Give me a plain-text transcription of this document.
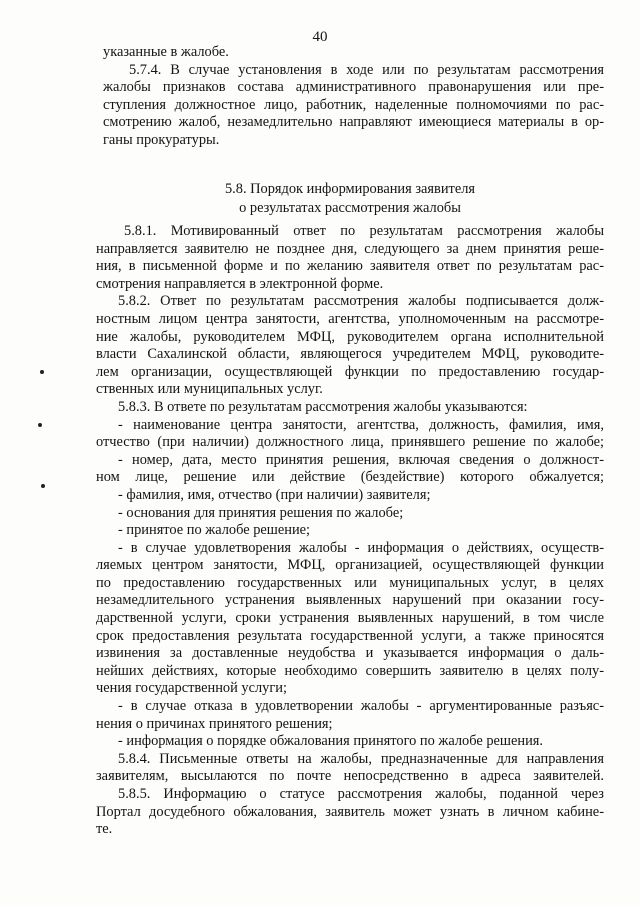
40
указанные в жалобе.
5.7.4. В случае установления в ходе или по результатам рассмотрения
жалобы признаков состава административного правонарушения или пре-
ступления должностное лицо, работник, наделенные полномочиями по рас-
смотрению жалоб, незамедлительно направляют имеющиеся материалы в ор-
ганы прокуратуры.
5.8. Порядок информирования заявителя
о результатах рассмотрения жалобы
5.8.1. Мотивированный ответ по результатам рассмотрения жалобы
направляется заявителю не позднее дня, следующего за днем принятия реше-
ния, в письменной форме и по желанию заявителя ответ по результатам рас-
смотрения направляется в электронной форме.
5.8.2. Ответ по результатам рассмотрения жалобы подписывается долж-
ностным лицом центра занятости, агентства, уполномоченным на рассмотре-
ние жалобы, руководителем МФЦ, руководителем органа исполнительной
власти Сахалинской области, являющегося учредителем МФЦ, руководите-
лем организации, осуществляющей функции по предоставлению государ-
ственных или муниципальных услуг.
5.8.3. В ответе по результатам рассмотрения жалобы указываются:
- наименование центра занятости, агентства, должность, фамилия, имя,
отчество (при наличии) должностного лица, принявшего решение по жалобе;
- номер, дата, место принятия решения, включая сведения о должност-
ном лице, решение или действие (бездействие) которого обжалуется;
- фамилия, имя, отчество (при наличии) заявителя;
- основания для принятия решения по жалобе;
- принятое по жалобе решение;
- в случае удовлетворения жалобы - информация о действиях, осуществ-
ляемых центром занятости, МФЦ, организацией, осуществляющей функции
по предоставлению государственных или муниципальных услуг, в целях
незамедлительного устранения выявленных нарушений при оказании госу-
дарственной услуги, сроки устранения выявленных нарушений, в том числе
срок предоставления результата государственной услуги, а также приносятся
извинения за доставленные неудобства и указывается информация о даль-
нейших действиях, которые необходимо совершить заявителю в целях полу-
чения государственной услуги;
- в случае отказа в удовлетворении жалобы - аргументированные разъяс-
нения о причинах принятого решения;
- информация о порядке обжалования принятого по жалобе решения.
5.8.4. Письменные ответы на жалобы, предназначенные для направления
заявителям, высылаются по почте непосредственно в адреса заявителей.
5.8.5. Информацию о статусе рассмотрения жалобы, поданной через
Портал досудебного обжалования, заявитель может узнать в личном кабине-
те.
